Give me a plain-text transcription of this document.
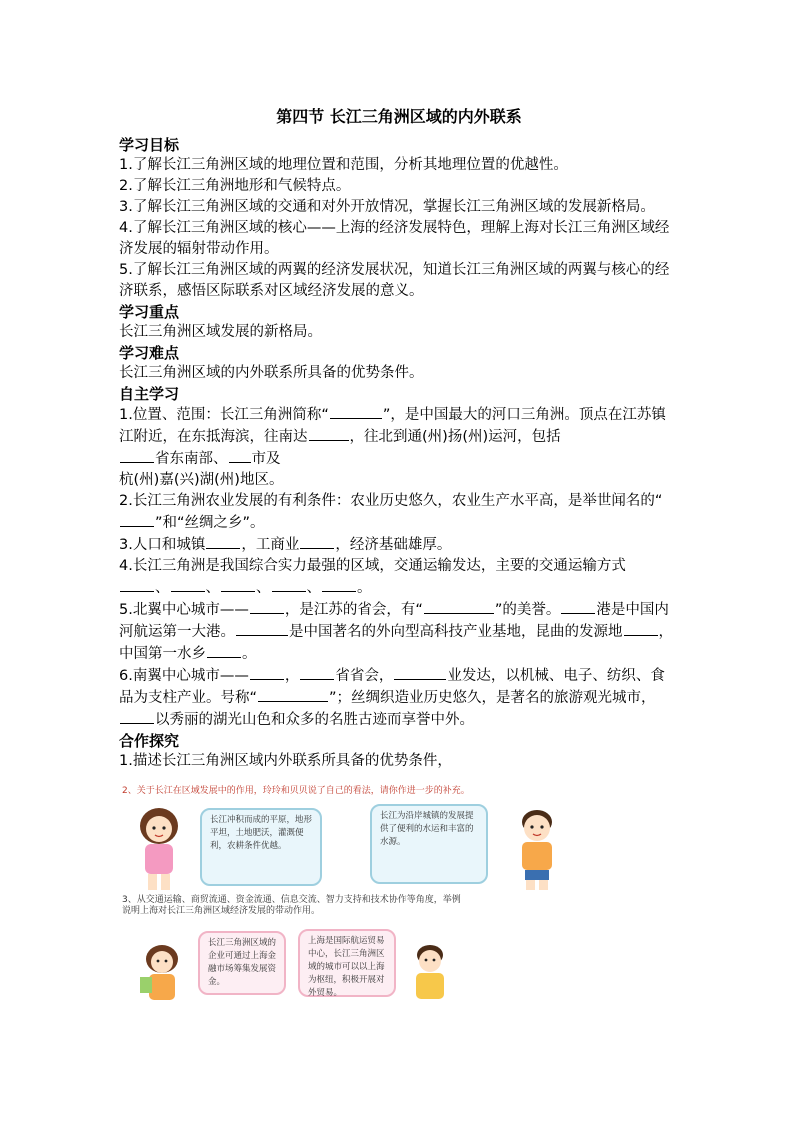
第四节 长江三角洲区域的内外联系
学习目标
1.了解长江三角洲区域的地理位置和范围，分析其地理位置的优越性。
2.了解长江三角洲地形和气候特点。
3.了解长江三角洲区域的交通和对外开放情况，掌握长江三角洲区域的发展新格局。
4.了解长江三角洲区域的核心——上海的经济发展特色，理解上海对长江三角洲区域经济发展的辐射带动作用。
5.了解长江三角洲区域的两翼的经济发展状况，知道长江三角洲区域的两翼与核心的经济联系，感悟区际联系对区域经济发展的意义。
学习重点
长江三角洲区域发展的新格局。
学习难点
长江三角洲区域的内外联系所具备的优势条件。
自主学习
1.位置、范围：长江三角洲简称“	”，是中国最大的河口三角洲。顶点在江苏镇江附近，在东抵海滨，往南达	，往北到通(州)扬(州)运河，包括
省东南部、 市及
杭(州)嘉(兴)湖(州)地区。
2.长江三角洲农业发展的有利条件：农业历史悠久，农业生产水平高，是举世闻名的“”和“丝绸之乡”。
3.人口和城镇 ，工商业 ，经济基础雄厚。
4.长江三角洲是我国综合实力最强的区域，交通运输发达，主要的交通运输方式
、 、 、 、 。
5.北翼中心城市—— ，是江苏的省会，有“	”的美誉。 港是中国内河航运第一大港。	是中国著名的外向型高科技产业基地，昆曲的发源地 ，中国第一水乡 。
6.南翼中心城市—— ， 省省会，	业发达，以机械、电子、纺织、食品为支柱产业。号称“	”；丝绸织造业历史悠久，是著名的旅游观光城市，以秀丽的湖光山色和众多的名胜古迹而享誉中外。
合作探究
1.描述长江三角洲区域内外联系所具备的优势条件，
2、关于长江在区域发展中的作用，玲玲和贝贝说了自己的看法，请你作进一步的补充。
长江冲积而成的平原，地形平坦，土地肥沃，灌溉便利，农耕条件优越。
长江为沿岸城镇的发展提供了便利的水运和丰富的水源。
3、从交通运输、商贸流通、资金流通、信息交流、智力支持和技术协作等角度，举例说明上海对长江三角洲区域经济发展的带动作用。
长江三角洲区域的企业可通过上海金融市场筹集发展资金。
上海是国际航运贸易中心，长江三角洲区域的城市可以以上海为枢纽，积极开展对外贸易。
